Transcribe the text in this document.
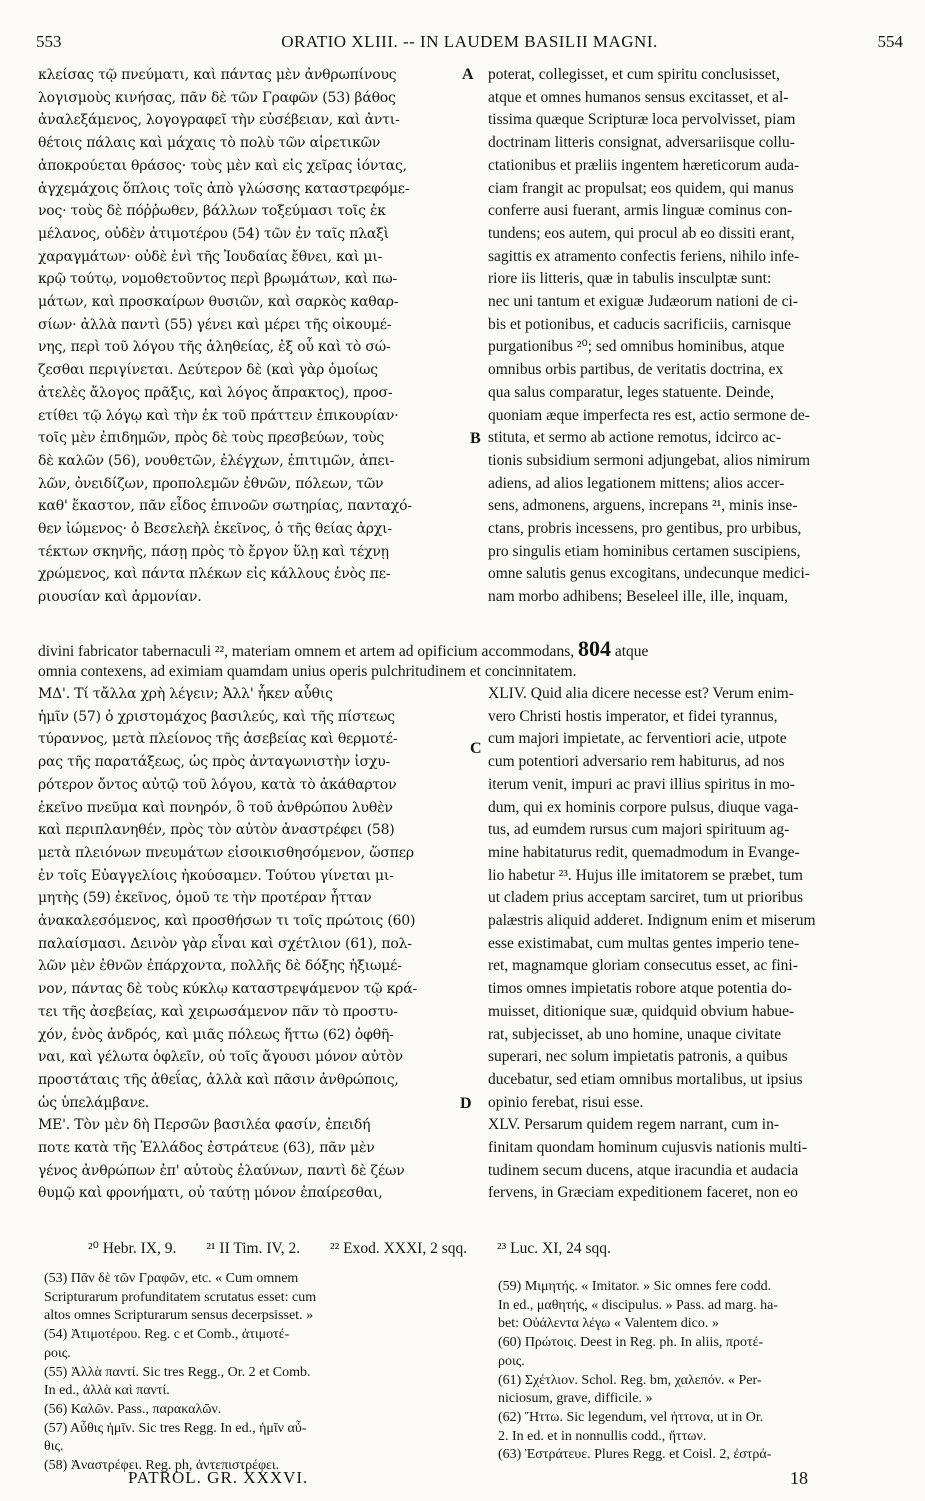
553	ORATIO XLIII. -- IN LAUDEM BASILII MAGNI.	554
κλείσας τῷ πνεύματι, καὶ πάντας μὲν ἀνθρωπίνους
λογισμοὺς κινήσας, πᾶν δὲ τῶν Γραφῶν (53) βάθος
ἀναλεξάμενος, λογογραφεῖ τὴν εὐσέβειαν, καὶ ἀντι-
θέτοις πάλαις καὶ μάχαις τὸ πολὺ τῶν αἱρετικῶν
ἀποκρούεται θράσος· τοὺς μὲν καὶ εἰς χεῖρας ἰόντας,
ἀγχεμάχοις ὅπλοις τοῖς ἀπὸ γλώσσης καταστρεφόμε-
νος· τοὺς δὲ πόῤῥωθεν, βάλλων τοξεύμασι τοῖς ἐκ
μέλανος, οὐδὲν ἀτιμοτέρου (54) τῶν ἐν ταῖς πλαξὶ
χαραγμάτων· οὐδὲ ἑνὶ τῆς Ἰουδαίας ἔθνει, καὶ μι-
κρῷ τούτῳ, νομοθετοῦντος περὶ βρωμάτων, καὶ πω-
μάτων, καὶ προσκαίρων θυσιῶν, καὶ σαρκὸς καθαρ-
σίων· ἀλλὰ παντὶ (55) γένει καὶ μέρει τῆς οἰκουμέ-
νης, περὶ τοῦ λόγου τῆς ἀληθείας, ἐξ οὗ καὶ τὸ σώ-
ζεσθαι περιγίνεται. Δεύτερον δὲ (καὶ γὰρ ὁμοίως
ἀτελὲς ἄλογος πρᾶξις, καὶ λόγος ἄπρακτος), προσ-
ετίθει τῷ λόγῳ καὶ τὴν ἐκ τοῦ πράττειν ἐπικουρίαν·
τοῖς μὲν ἐπιδημῶν, πρὸς δὲ τοὺς πρεσβεύων, τοὺς
δὲ καλῶν (56), νουθετῶν, ἐλέγχων, ἐπιτιμῶν, ἀπει-
λῶν, ὀνειδίζων, προπολεμῶν ἐθνῶν, πόλεων, τῶν
καθ' ἕκαστον, πᾶν εἶδος ἐπινοῶν σωτηρίας, πανταχό-
θεν ἰώμενος· ὁ Βεσελεὴλ ἐκεῖνος, ὁ τῆς θείας ἀρχι-
τέκτων σκηνῆς, πάσῃ πρὸς τὸ ἔργον ὕλῃ καὶ τέχνῃ
χρώμενος, καὶ πάντα πλέκων εἰς κάλλους ἑνὸς πε-
ριουσίαν καὶ ἁρμονίαν.
poterat, collegisset, et cum spiritu conclusisset,
atque et omnes humanos sensus excitasset, et al-
tissima quæque Scripturæ loca pervolvisset, piam
doctrinam litteris consignat, adversariisque collu-
ctationibus et præliis ingentem hæreticorum auda-
ciam frangit ac propulsat; eos quidem, qui manus
conferre ausi fuerant, armis linguæ cominus con-
tundens; eos autem, qui procul ab eo dissiti erant,
sagittis ex atramento confectis feriens, nihilo infe-
riore iis litteris, quæ in tabulis insculptæ sunt:
nec uni tantum et exiguæ Judæorum nationi de ci-
bis et potionibus, et caducis sacrificiis, carnisque
purgationibus ²⁰; sed omnibus hominibus, atque
omnibus orbis partibus, de veritatis doctrina, ex
qua salus comparatur, leges statuente. Deinde,
quoniam æque imperfecta res est, actio sermone de-
stituta, et sermo ab actione remotus, idcirco ac-
tionis subsidium sermoni adjungebat, alios nimirum
adiens, ad alios legationem mittens; alios accer-
sens, admonens, arguens, increpans ²¹, minis inse-
ctans, probris incessens, pro gentibus, pro urbibus,
pro singulis etiam hominibus certamen suscipiens,
omne salutis genus excogitans, undecunque medici-
nam morbo adhibens; Beseleel ille, ille, inquam,
A
B
C
D
divini fabricator tabernaculi ²², materiam omnem et artem ad opificium accommodans, 804 atque
omnia contexens, ad eximiam quamdam unius operis pulchritudinem et concinnitatem.
ΜΔ'. Τί τἄλλα χρὴ λέγειν; Ἀλλ' ἧκεν αὖθις
ἡμῖν (57) ὁ χριστομάχος βασιλεύς, καὶ τῆς πίστεως
τύραννος, μετὰ πλείονος τῆς ἀσεβείας καὶ θερμοτέ-
ρας τῆς παρατάξεως, ὡς πρὸς ἀνταγωνιστὴν ἰσχυ-
ρότερον ὄντος αὐτῷ τοῦ λόγου, κατὰ τὸ ἀκάθαρτον
ἐκεῖνο πνεῦμα καὶ πονηρόν, ὃ τοῦ ἀνθρώπου λυθὲν
καὶ περιπλανηθέν, πρὸς τὸν αὐτὸν ἀναστρέφει (58)
μετὰ πλειόνων πνευμάτων εἰσοικισθησόμενον, ὥσπερ
ἐν τοῖς Εὐαγγελίοις ἠκούσαμεν. Τούτου γίνεται μι-
μητὴς (59) ἐκεῖνος, ὁμοῦ τε τὴν προτέραν ἧτταν
ἀνακαλεσόμενος, καὶ προσθήσων τι τοῖς πρώτοις (60)
παλαίσμασι. Δεινὸν γὰρ εἶναι καὶ σχέτλιον (61), πολ-
λῶν μὲν ἐθνῶν ἐπάρχοντα, πολλῆς δὲ δόξης ἠξιωμέ-
νον, πάντας δὲ τοὺς κύκλῳ καταστρεψάμενον τῷ κρά-
τει τῆς ἀσεβείας, καὶ χειρωσάμενον πᾶν τὸ προστυ-
χόν, ἑνὸς ἀνδρός, καὶ μιᾶς πόλεως ἥττω (62) ὀφθῆ-
ναι, καὶ γέλωτα ὀφλεῖν, οὐ τοῖς ἄγουσι μόνον αὐτὸν
προστάταις τῆς ἀθεΐας, ἀλλὰ καὶ πᾶσιν ἀνθρώποις,
ὡς ὑπελάμβανε.
ΜΕ'. Τὸν μὲν δὴ Περσῶν βασιλέα φασίν, ἐπειδή
ποτε κατὰ τῆς Ἑλλάδος ἐστράτευε (63), πᾶν μὲν
γένος ἀνθρώπων ἐπ' αὐτοὺς ἐλαύνων, παντὶ δὲ ζέων
θυμῷ καὶ φρονήματι, οὐ ταύτῃ μόνον ἐπαίρεσθαι,
XLIV. Quid alia dicere necesse est? Verum enim-
vero Christi hostis imperator, et fidei tyrannus,
cum majori impietate, ac ferventiori acie, utpote
cum potentiori adversario rem habiturus, ad nos
iterum venit, impuri ac pravi illius spiritus in mo-
dum, qui ex hominis corpore pulsus, diuque vaga-
tus, ad eumdem rursus cum majori spirituum ag-
mine habitaturus redit, quemadmodum in Evange-
lio habetur ²³. Hujus ille imitatorem se præbet, tum
ut cladem prius acceptam sarciret, tum ut prioribus
palæstris aliquid adderet. Indignum enim et miserum
esse existimabat, cum multas gentes imperio tene-
ret, magnamque gloriam consecutus esset, ac fini-
timos omnes impietatis robore atque potentia do-
muisset, ditionique suæ, quidquid obvium habue-
rat, subjecisset, ab uno homine, unaque civitate
superari, nec solum impietatis patronis, a quibus
ducebatur, sed etiam omnibus mortalibus, ut ipsius
opinio ferebat, risui esse.
XLV. Persarum quidem regem narrant, cum in-
finitam quondam hominum cujusvis nationis multi-
tudinem secum ducens, atque iracundia et audacia
fervens, in Græciam expeditionem faceret, non eo
²⁰ Hebr. IX, 9. ²¹ II Tim. IV, 2. ²² Exod. XXXI, 2 sqq. ²³ Luc. XI, 24 sqq.
(53) Πᾶν δὲ τῶν Γραφῶν, etc. « Cum omnem
Scripturarum profunditatem scrutatus esset: cum
altos omnes Scripturarum sensus decerpsisset. »
(54) Ἀτιμοτέρου. Reg. c et Comb., ἀτιμοτέ-
ροις.
(55) Ἀλλὰ παντί. Sic tres Regg., Or. 2 et Comb.
In ed., ἀλλὰ καὶ παντί.
(56) Καλῶν. Pass., παρακαλῶν.
(57) Αὖθις ἡμῖν. Sic tres Regg. In ed., ἡμῖν αὖ-
θις.
(58) Ἀναστρέφει. Reg. ph, ἀντεπιστρέφει.
(59) Μιμητής. « Imitator. » Sic omnes fere codd.
In ed., μαθητής, « discipulus. » Pass. ad marg. ha-
bet: Οὐάλεντα λέγω « Valentem dico. »
(60) Πρώτοις. Deest in Reg. ph. In aliis, προτέ-
ροις.
(61) Σχέτλιον. Schol. Reg. bm, χαλεπόν. « Per-
niciosum, grave, difficile. »
(62) Ἥττω. Sic legendum, vel ἡττονα, ut in Or.
2. In ed. et in nonnullis codd., ἥττων.
(63) Ἐστράτευε. Plures Regg. et Coisl. 2, ἐστρά-
PATROL. GR. XXXVI.	18
